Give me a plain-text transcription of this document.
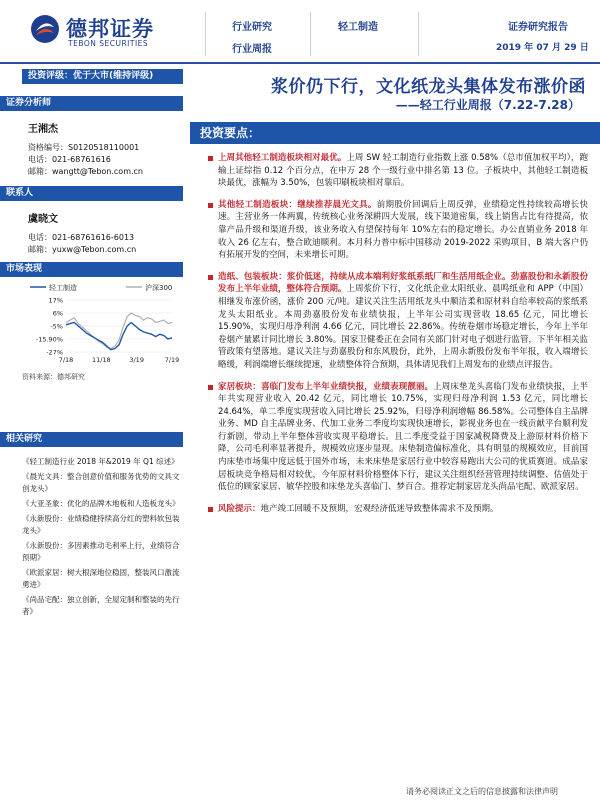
德邦证券
TEBON SECURITIES
行业研究
行业周报
轻工制造	证券研究报告
2019 年 07 月 29 日
投资评级：优于大市(维持评级)
证券分析师
王湘杰
资格编号：S0120518110001
电话：021-68761616
邮箱：wangtt@Tebon.com.cn
联系人
虞晓文
电话：021-68761616-6013
邮箱：yuxw@Tebon.com.cn
市场表现
轻工制造	沪深300
17%
6%
-5%
-15.90%
-27%
7/18	11/18	3/19	7/19
资料来源：德邦研究
相关研究

《轻工制造行业 2018 年&2019 年 Q1 综述》

《晨光文具：整合创意价值和服务优势的文具文创龙头》

《大亚圣象：优化的品牌木地板和人造板龙头》

《永新股份：业绩稳健持续高分红的塑料软包装龙头》

《永新股份：多因素推动毛利率上行，业绩符合预期》

《欧派家居：树大根深地位稳固，整装风口激流勇进》

《尚品宅配：独立创新，全屋定制和整装的先行者》

浆价仍下行，文化纸龙头集体发布涨价函
——轻工行业周报（7.22-7.28）
投资要点：
上周其他轻工制造板块相对最优。上周 SW 轻工制造行业指数上涨 0.58%（总市值加权平均），跑输上证综指 0.12 个百分点，在申万 28 个一级行业中排名第 13 位。子板块中，其他轻工制造板块最优，涨幅为 3.50%，包装印刷板块相对靠后。
其他轻工制造板块：继续推荐晨光文具。前期股价回调后上周反弹，业绩稳定性持续较高增长快速。主营业务一体两翼，传统核心业务深耕四大发展，线下渠道密集，线上销售占比有待提高，依靠产品升级和渠道升级，该业务收入有望保持每年 10%左右的稳定增长。办公直销业务 2018 年收入 26 亿左右，整合欧迪顺利。本月科力普中标中国移动 2019-2022 采购项目，B 端大客户仍有拓展开发的空间，未来增长可期。
造纸、包装板块：浆价低迷，持续从成本端利好浆纸系纸厂和生活用纸企业。劲嘉股份和永新股份发布上半年业绩，整体符合预期。上周浆价下行，文化纸企业太阳纸业、晨鸣纸业和 APP（中国）相继发布涨价函，涨价 200 元/吨。建议关注生活用纸龙头中顺洁柔和原材料自给率较高的浆纸系龙头太阳纸业。本周劲嘉股份发布业绩快报，上半年公司实现营收 18.65 亿元，同比增长 15.90%，实现归母净利润 4.66 亿元，同比增长 22.86%。传统卷烟市场稳定增长，今年上半年卷烟产量累计同比增长 3.80%。国家卫健委正在会同有关部门针对电子烟进行监管，下半年相关监管政策有望落地。建议关注与劲嘉股份和东风股份，此外，上周永新股份发布半年报，收入端增长略缓，利润端增长继续提速，业绩整体符合预期，具体请见我们上周发布的业绩点评报告。
家居板块：喜临门发布上半年业绩快报，业绩表现靓丽。上周床垫龙头喜临门发布业绩快报，上半年共实现营业收入 20.42 亿元，同比增长 10.75%，实现归母净利润 1.53 亿元，同比增长 24.64%，单二季度实现营收入同比增长 25.92%，归母净利润增幅 86.58%。公司整体自主品牌业务、MD 自主品牌业务、代加工业务二季度均实现快速增长，影视业务也在一线贡献平台顺利发行新剧，带动上半年整体营收实现平稳增长。且二季度受益于国家减税降费及上游原材料价格下降，公司毛利率显著提升，规模效应逐步显现。床垫制造偏标准化，具有明显的规模效应，目前国内床垫市场集中度远低于国外市场，未来床垫是家居行业中较容易跑出大公司的优质赛道。成品家居板块竞争格局相对较优，今年原材料价格整体下行，建议关注组织经营管理持续调整、估值处于低位的顾家家居、敏华控股和床垫龙头喜临门、梦百合。推荐定制家居龙头尚品宅配、欧派家居。
风险提示：地产竣工回暖不及预期，宏观经济低迷导致整体需求不及预期。
请务必阅读正文之后的信息披露和法律声明
